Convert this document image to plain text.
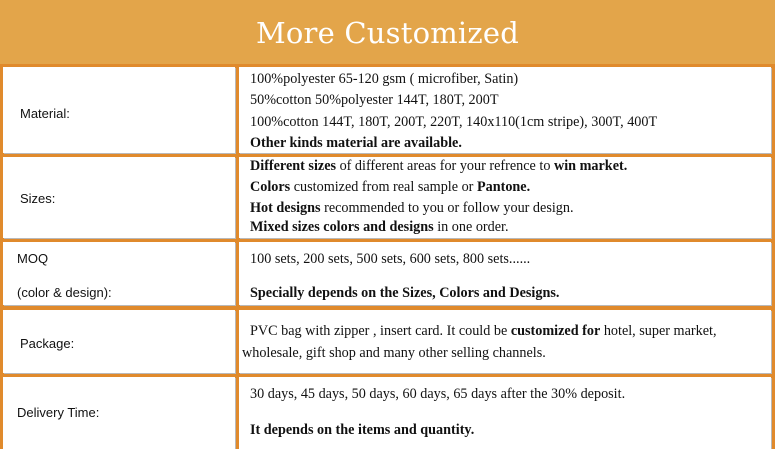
More Customized
Material:
100%polyester 65-120 gsm ( microfiber, Satin)
50%cotton 50%polyester 144T, 180T, 200T
100%cotton 144T, 180T, 200T, 220T, 140x110(1cm stripe), 300T, 400T
Other kinds material are available.
Sizes:
Different sizes of different areas for your refrence to win market.
Colors customized from real sample or Pantone.
Hot designs recommended to you or follow your design.
Mixed sizes colors and designs in one order.
MOQ
(color & design):
100 sets, 200 sets, 500 sets, 600 sets, 800 sets......
Specially depends on the Sizes, Colors and Designs.
Package:
PVC bag with zipper , insert card. It could be customized for hotel, super market,
wholesale, gift shop and many other selling channels.
Delivery Time:
30 days, 45 days, 50 days, 60 days, 65 days after the 30% deposit.
It depends on the items and quantity.
